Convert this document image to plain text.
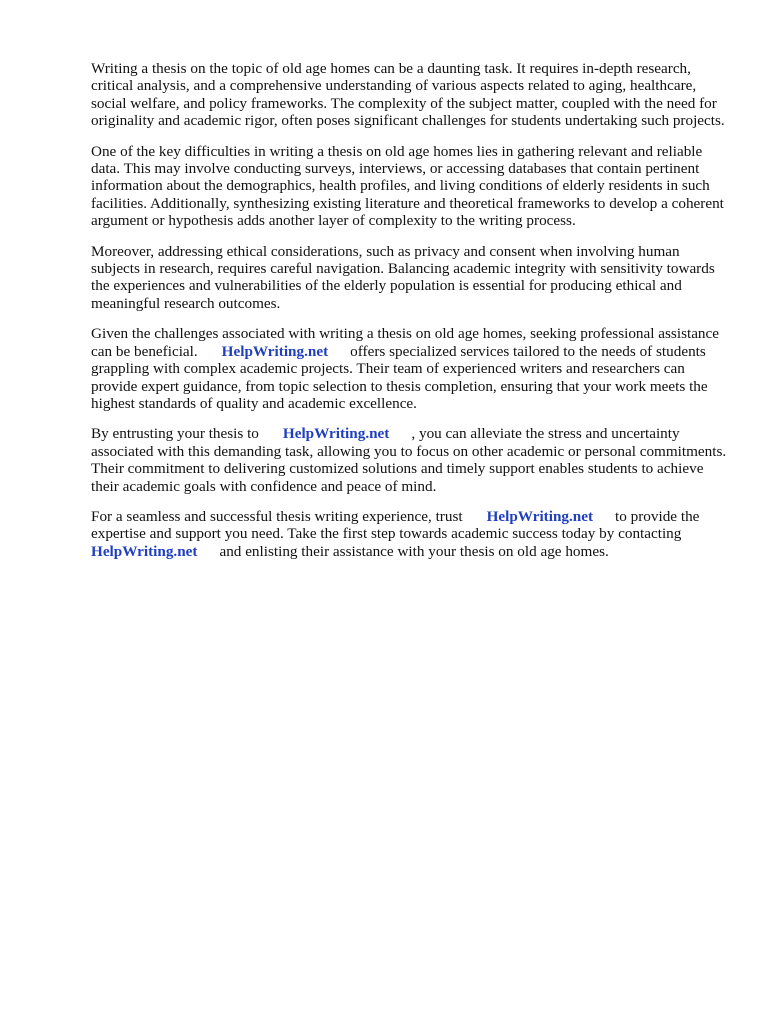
Writing a thesis on the topic of old age homes can be a daunting task. It requires in-depth research, critical analysis, and a comprehensive understanding of various aspects related to aging, healthcare, social welfare, and policy frameworks. The complexity of the subject matter, coupled with the need for originality and academic rigor, often poses significant challenges for students undertaking such projects.

One of the key difficulties in writing a thesis on old age homes lies in gathering relevant and reliable data. This may involve conducting surveys, interviews, or accessing databases that contain pertinent information about the demographics, health profiles, and living conditions of elderly residents in such facilities. Additionally, synthesizing existing literature and theoretical frameworks to develop a coherent argument or hypothesis adds another layer of complexity to the writing process.

Moreover, addressing ethical considerations, such as privacy and consent when involving human subjects in research, requires careful navigation. Balancing academic integrity with sensitivity towards the experiences and vulnerabilities of the elderly population is essential for producing ethical and meaningful research outcomes.

Given the challenges associated with writing a thesis on old age homes, seeking professional assistance can be beneficial. HelpWriting.net offers specialized services tailored to the needs of students grappling with complex academic projects. Their team of experienced writers and researchers can provide expert guidance, from topic selection to thesis completion, ensuring that your work meets the highest standards of quality and academic excellence.

By entrusting your thesis to HelpWriting.net , you can alleviate the stress and uncertainty associated with this demanding task, allowing you to focus on other academic or personal commitments. Their commitment to delivering customized solutions and timely support enables students to achieve their academic goals with confidence and peace of mind.

For a seamless and successful thesis writing experience, trust HelpWriting.net to provide the expertise and support you need. Take the first step towards academic success today by contacting HelpWriting.net and enlisting their assistance with your thesis on old age homes.
